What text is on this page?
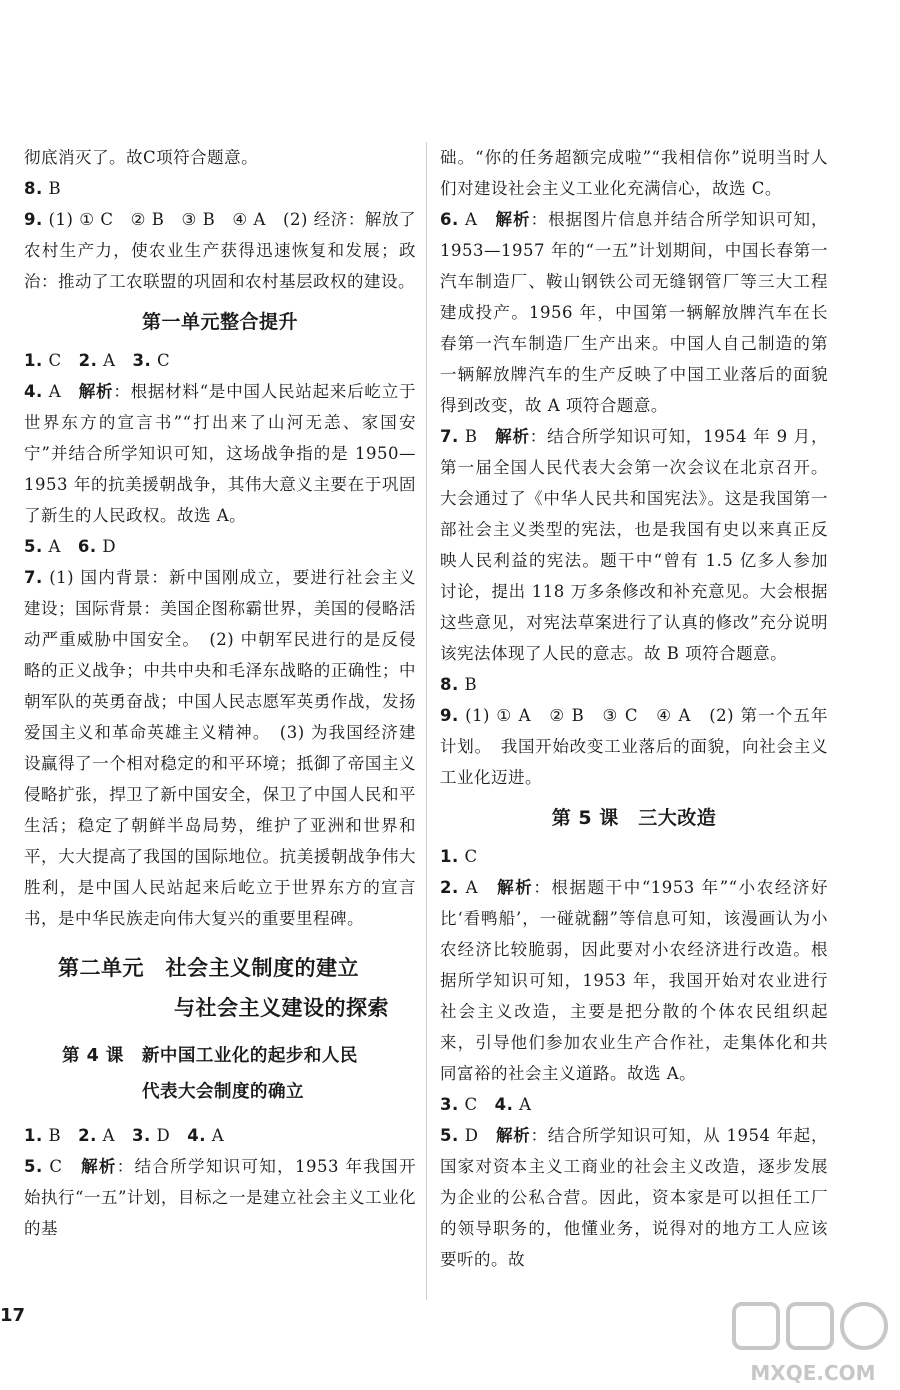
彻底消灭了。故C项符合题意。

8. B

9. (1) ① C　② B　③ B　④ A　(2) 经济：解放了农村生产力，使农业生产获得迅速恢复和发展；政治：推动了工农联盟的巩固和农村基层政权的建设。

第一单元整合提升

1. C　2. A　3. C

4. A　解析：根据材料“是中国人民站起来后屹立于世界东方的宣言书”“打出来了山河无恙、家国安宁”并结合所学知识可知，这场战争指的是 1950—1953 年的抗美援朝战争，其伟大意义主要在于巩固了新生的人民政权。故选 A。

5. A　6. D

7. (1) 国内背景：新中国刚成立，要进行社会主义建设；国际背景：美国企图称霸世界，美国的侵略活动严重威胁中国安全。　(2) 中朝军民进行的是反侵略的正义战争；中共中央和毛泽东战略的正确性；中朝军队的英勇奋战；中国人民志愿军英勇作战，发扬爱国主义和革命英雄主义精神。　(3) 为我国经济建设赢得了一个相对稳定的和平环境；抵御了帝国主义侵略扩张，捍卫了新中国安全，保卫了中国人民和平生活；稳定了朝鲜半岛局势，维护了亚洲和世界和平，大大提高了我国的国际地位。抗美援朝战争伟大胜利，是中国人民站起来后屹立于世界东方的宣言书，是中华民族走向伟大复兴的重要里程碑。

第二单元　社会主义制度的建立
与社会主义建设的探索
第 4 课　新中国工业化的起步和人民
代表大会制度的确立

1. B　2. A　3. D　4. A

5. C　解析：结合所学知识可知，1953 年我国开始执行“一五”计划，目标之一是建立社会主义工业化的基

础。“你的任务超额完成啦”“我相信你”说明当时人们对建设社会主义工业化充满信心，故选 C。

6. A　解析：根据图片信息并结合所学知识可知，1953—1957 年的“一五”计划期间，中国长春第一汽车制造厂、鞍山钢铁公司无缝钢管厂等三大工程建成投产。1956 年，中国第一辆解放牌汽车在长春第一汽车制造厂生产出来。中国人自己制造的第一辆解放牌汽车的生产反映了中国工业落后的面貌得到改变，故 A 项符合题意。

7. B　解析：结合所学知识可知，1954 年 9 月，第一届全国人民代表大会第一次会议在北京召开。大会通过了《中华人民共和国宪法》。这是我国第一部社会主义类型的宪法，也是我国有史以来真正反映人民利益的宪法。题干中“曾有 1.5 亿多人参加讨论，提出 118 万多条修改和补充意见。大会根据这些意见，对宪法草案进行了认真的修改”充分说明该宪法体现了人民的意志。故 B 项符合题意。

8. B

9. (1) ① A　② B　③ C　④ A　(2) 第一个五年计划。　我国开始改变工业落后的面貌，向社会主义工业化迈进。

第 5 课　三大改造

1. C

2. A　解析：根据题干中“1953 年”“小农经济好比‘看鸭船’，一碰就翻”等信息可知，该漫画认为小农经济比较脆弱，因此要对小农经济进行改造。根据所学知识可知，1953 年，我国开始对农业进行社会主义改造，主要是把分散的个体农民组织起来，引导他们参加农业生产合作社，走集体化和共同富裕的社会主义道路。故选 A。

3. C　4. A

5. D　解析：结合所学知识可知，从 1954 年起，国家对资本主义工商业的社会主义改造，逐步发展为企业的公私合营。因此，资本家是可以担任工厂的领导职务的，他懂业务，说得对的地方工人应该要听的。故

17
MXQE.COM
